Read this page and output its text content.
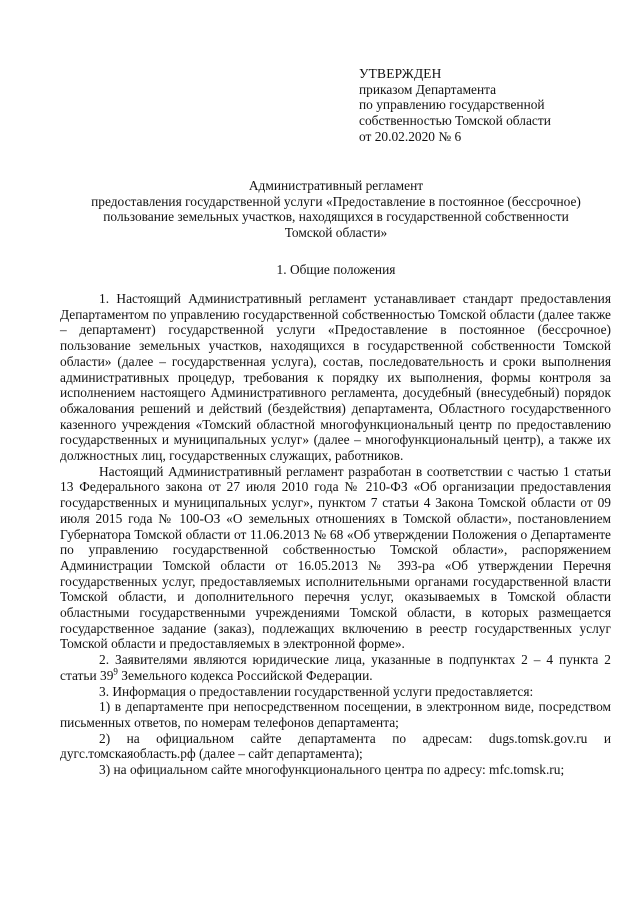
УТВЕРЖДЕН
приказом Департамента
по управлению государственной
собственностью Томской области
от 20.02.2020 № 6
Административный регламент
предоставления государственной услуги «Предоставление в постоянное (бессрочное)
пользование земельных участков, находящихся в государственной собственности
Томской области»
1. Общие положения

1. Настоящий Административный регламент устанавливает стандарт предоставления Департаментом по управлению государственной собственностью Томской области (далее также – департамент) государственной услуги «Предоставление в постоянное (бессрочное) пользование земельных участков, находящихся в государственной собственности Томской области» (далее – государственная услуга), состав, последовательность и сроки выполнения административных процедур, требования к порядку их выполнения, формы контроля за исполнением настоящего Административного регламента, досудебный (внесудебный) порядок обжалования решений и действий (бездействия) департамента, Областного государственного казенного учреждения «Томский областной многофункциональный центр по предоставлению государственных и муниципальных услуг» (далее – многофункциональный центр), а также их должностных лиц, государственных служащих, работников.

Настоящий Административный регламент разработан в соответствии с частью 1 статьи 13 Федерального закона от 27 июля 2010 года № 210-ФЗ «Об организации предоставления государственных и муниципальных услуг», пунктом 7 статьи 4 Закона Томской области от 09 июля 2015 года № 100-ОЗ «О земельных отношениях в Томской области», постановлением Губернатора Томской области от 11.06.2013 № 68 «Об утверждении Положения о Департаменте по управлению государственной собственностью Томской области», распоряжением Администрации Томской области от 16.05.2013 № 393-ра «Об утверждении Перечня государственных услуг, предоставляемых исполнительными органами государственной власти Томской области, и дополнительного перечня услуг, оказываемых в Томской области областными государственными учреждениями Томской области, в которых размещается государственное задание (заказ), подлежащих включению в реестр государственных услуг Томской области и предоставляемых в электронной форме».

2. Заявителями являются юридические лица, указанные в подпунктах 2 – 4 пункта 2 статьи $39^9$ Земельного кодекса Российской Федерации.

3. Информация о предоставлении государственной услуги предоставляется:

1) в департаменте при непосредственном посещении, в электронном виде, посредством письменных ответов, по номерам телефонов департамента;

2) на официальном сайте департамента по адресам: dugs.tomsk.gov.ru и дугс.томскаяобласть.рф (далее – сайт департамента);

3) на официальном сайте многофункционального центра по адресу: mfc.tomsk.ru;
